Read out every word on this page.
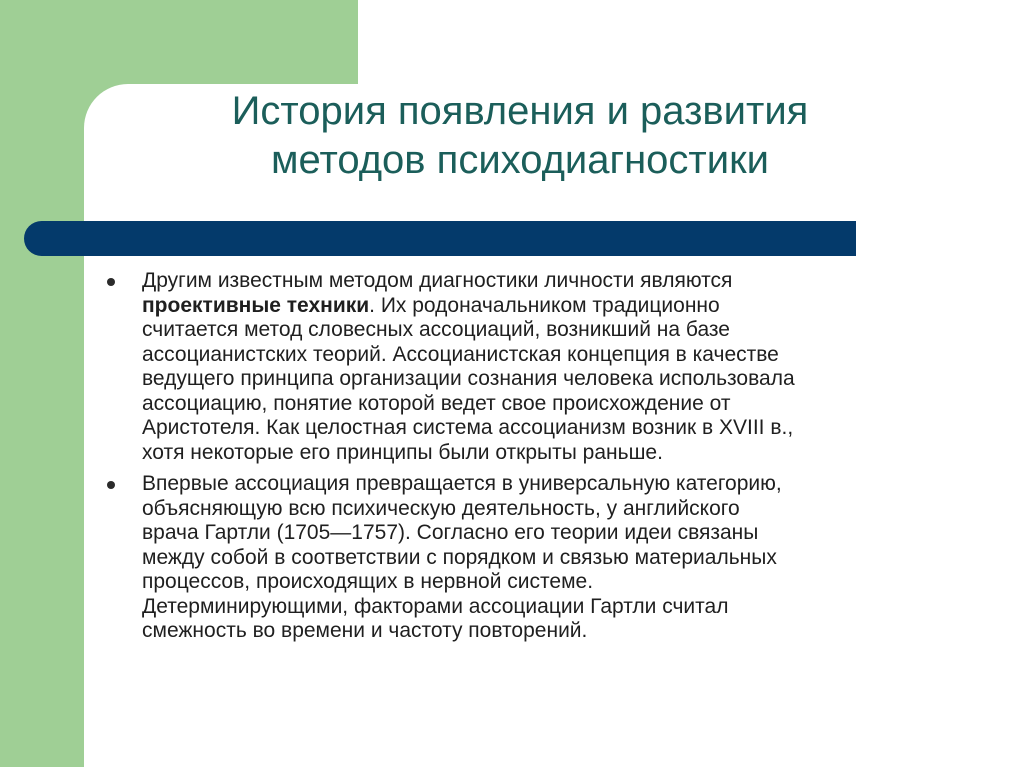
История появления и развития
методов психодиагностики
Другим известным методом диагностики личности являются
проективные техники. Их родоначальником традиционно
считается метод словесных ассоциаций, возникший на базе
ассоцианистских теорий. Ассоцианистская концепция в качестве
ведущего принципа организации сознания человека использовала
ассоциацию, понятие которой ведет свое происхождение от
Аристотеля. Как целостная система ассоцианизм возник в XVIII в.,
хотя некоторые его принципы были открыты раньше.
Впервые ассоциация превращается в универсальную категорию,
объясняющую всю психическую деятельность, у английского
врача Гартли (1705—1757). Согласно его теории идеи связаны
между собой в соответствии с порядком и связью материальных
процессов, происходящих в нервной системе.
Детерминирующими, факторами ассоциации Гартли считал
смежность во времени и частоту повторений.
